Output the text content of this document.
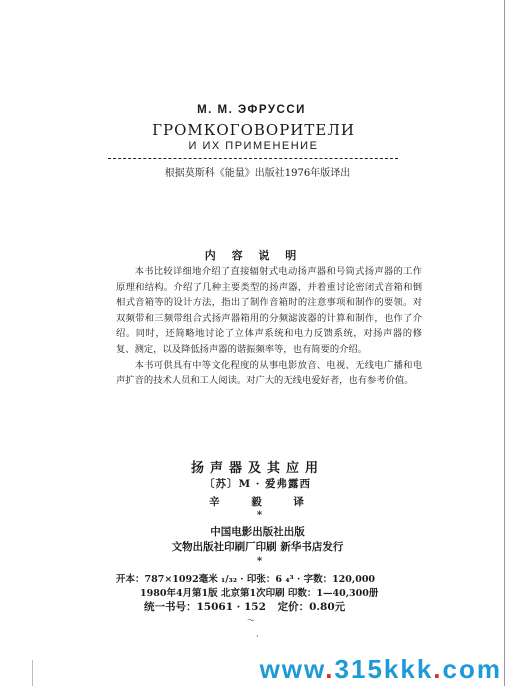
М. М. ЭФРУССИ
ГРОМКОГОВОРИТЕЛИ
И ИХ ПРИМЕНЕНИЕ
根据莫斯科《能量》出版社1976年版译出
内 容 说 明

本书比较详细地介绍了直接辐射式电动扬声器和号筒式扬声器的工作原理和结构。介绍了几种主要类型的扬声器，并着重讨论密闭式音箱和倒相式音箱等的设计方法，指出了制作音箱时的注意事项和制作的要领。对双频带和三频带组合式扬声器箱用的分频滤波器的计算和制作，也作了介绍。同时，还简略地讨论了立体声系统和电力反馈系统，对扬声器的修复、测定，以及降低扬声器的谐振频率等，也有简要的介绍。

本书可供具有中等文化程度的从事电影放音、电视、无线电广播和电声扩音的技术人员和工人阅读。对广大的无线电爱好者，也有参考价值。

扬声器及其应用
〔苏〕M · 爱弗露西
辛 毅 译
*
中国电影出版社出版
文物出版社印刷厂印刷 新华书店发行
*
开本：787×1092毫米 ₁/₃₂ · 印张：6 ₄³ · 字数：120,000
1980年4月第1版 北京第1次印刷 印数：1—40,300册
统一书号：15061 · 152 定价：0.80元
～
·
www.315kkk.com
